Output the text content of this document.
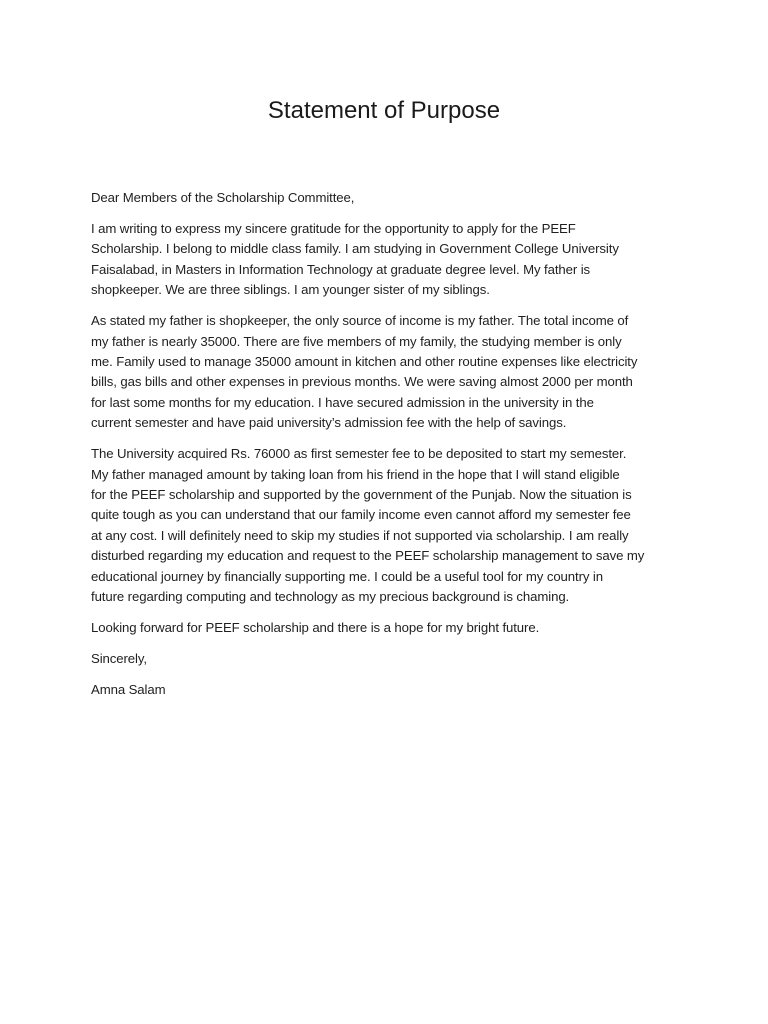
Statement of Purpose

Dear Members of the Scholarship Committee,

I am writing to express my sincere gratitude for the opportunity to apply for the PEEF
Scholarship. I belong to middle class family. I am studying in Government College University
Faisalabad, in Masters in Information Technology at graduate degree level. My father is
shopkeeper. We are three siblings. I am younger sister of my siblings.

As stated my father is shopkeeper, the only source of income is my father. The total income of
my father is nearly 35000. There are five members of my family, the studying member is only
me. Family used to manage 35000 amount in kitchen and other routine expenses like electricity
bills, gas bills and other expenses in previous months. We were saving almost 2000 per month
for last some months for my education. I have secured admission in the university in the
current semester and have paid university’s admission fee with the help of savings.

The University acquired Rs. 76000 as first semester fee to be deposited to start my semester.
My father managed amount by taking loan from his friend in the hope that I will stand eligible
for the PEEF scholarship and supported by the government of the Punjab. Now the situation is
quite tough as you can understand that our family income even cannot afford my semester fee
at any cost. I will definitely need to skip my studies if not supported via scholarship. I am really
disturbed regarding my education and request to the PEEF scholarship management to save my
educational journey by financially supporting me. I could be a useful tool for my country in
future regarding computing and technology as my precious background is chaming.

Looking forward for PEEF scholarship and there is a hope for my bright future.

Sincerely,

Amna Salam
